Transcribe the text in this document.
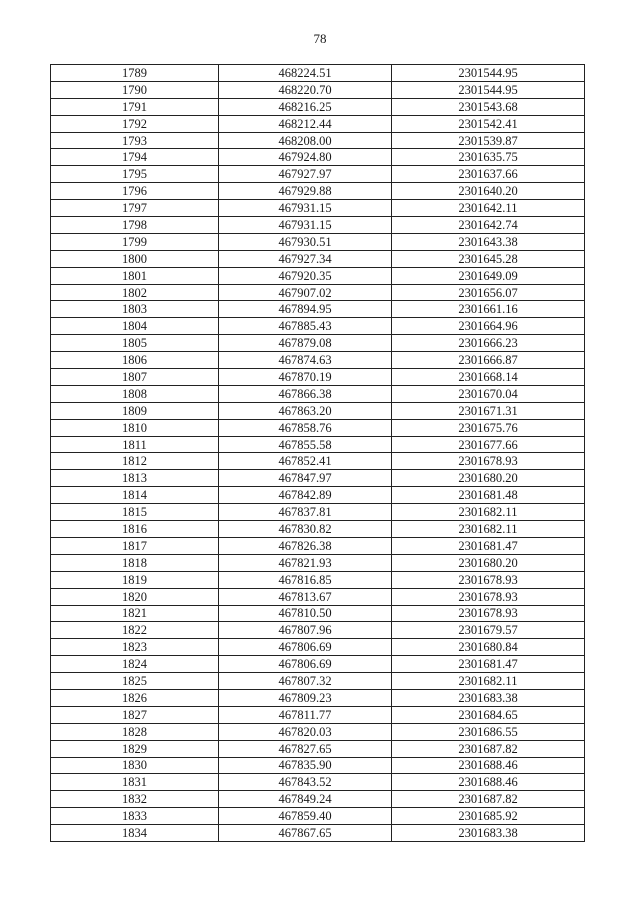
78
1789	468224.51	2301544.95
1790	468220.70	2301544.95
1791	468216.25	2301543.68
1792	468212.44	2301542.41
1793	468208.00	2301539.87
1794	467924.80	2301635.75
1795	467927.97	2301637.66
1796	467929.88	2301640.20
1797	467931.15	2301642.11
1798	467931.15	2301642.74
1799	467930.51	2301643.38
1800	467927.34	2301645.28
1801	467920.35	2301649.09
1802	467907.02	2301656.07
1803	467894.95	2301661.16
1804	467885.43	2301664.96
1805	467879.08	2301666.23
1806	467874.63	2301666.87
1807	467870.19	2301668.14
1808	467866.38	2301670.04
1809	467863.20	2301671.31
1810	467858.76	2301675.76
1811	467855.58	2301677.66
1812	467852.41	2301678.93
1813	467847.97	2301680.20
1814	467842.89	2301681.48
1815	467837.81	2301682.11
1816	467830.82	2301682.11
1817	467826.38	2301681.47
1818	467821.93	2301680.20
1819	467816.85	2301678.93
1820	467813.67	2301678.93
1821	467810.50	2301678.93
1822	467807.96	2301679.57
1823	467806.69	2301680.84
1824	467806.69	2301681.47
1825	467807.32	2301682.11
1826	467809.23	2301683.38
1827	467811.77	2301684.65
1828	467820.03	2301686.55
1829	467827.65	2301687.82
1830	467835.90	2301688.46
1831	467843.52	2301688.46
1832	467849.24	2301687.82
1833	467859.40	2301685.92
1834	467867.65	2301683.38
